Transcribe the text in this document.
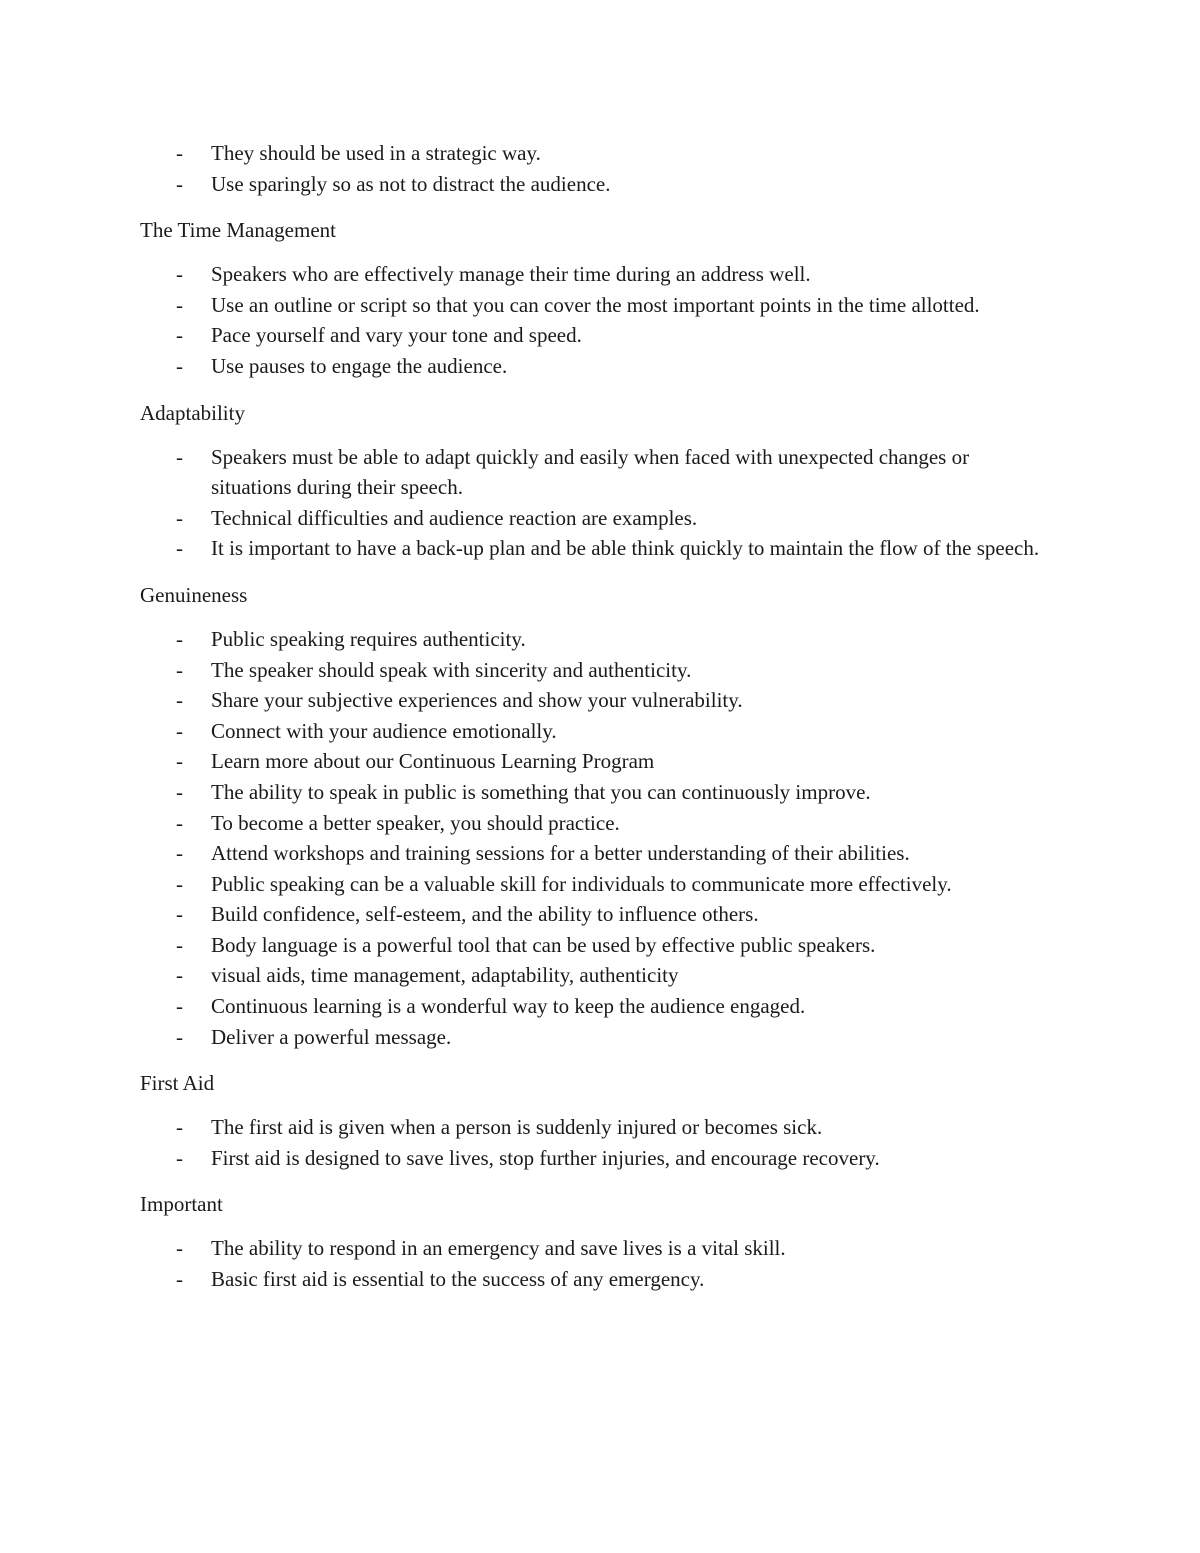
- They should be used in a strategic way.
- Use sparingly so as not to distract the audience.

The Time Management

- Speakers who are effectively manage their time during an address well.
- Use an outline or script so that you can cover the most important points in the time allotted.
- Pace yourself and vary your tone and speed.
- Use pauses to engage the audience.

Adaptability

- Speakers must be able to adapt quickly and easily when faced with unexpected changes or situations during their speech.
- Technical difficulties and audience reaction are examples.
- It is important to have a back-up plan and be able think quickly to maintain the flow of the speech.

Genuineness

- Public speaking requires authenticity.
- The speaker should speak with sincerity and authenticity.
- Share your subjective experiences and show your vulnerability.
- Connect with your audience emotionally.
- Learn more about our Continuous Learning Program
- The ability to speak in public is something that you can continuously improve.
- To become a better speaker, you should practice.
- Attend workshops and training sessions for a better understanding of their abilities.
- Public speaking can be a valuable skill for individuals to communicate more effectively.
- Build confidence, self-esteem, and the ability to influence others.
- Body language is a powerful tool that can be used by effective public speakers.
- visual aids, time management, adaptability, authenticity
- Continuous learning is a wonderful way to keep the audience engaged.
- Deliver a powerful message.

First Aid

- The first aid is given when a person is suddenly injured or becomes sick.
- First aid is designed to save lives, stop further injuries, and encourage recovery.

Important

- The ability to respond in an emergency and save lives is a vital skill.
- Basic first aid is essential to the success of any emergency.
